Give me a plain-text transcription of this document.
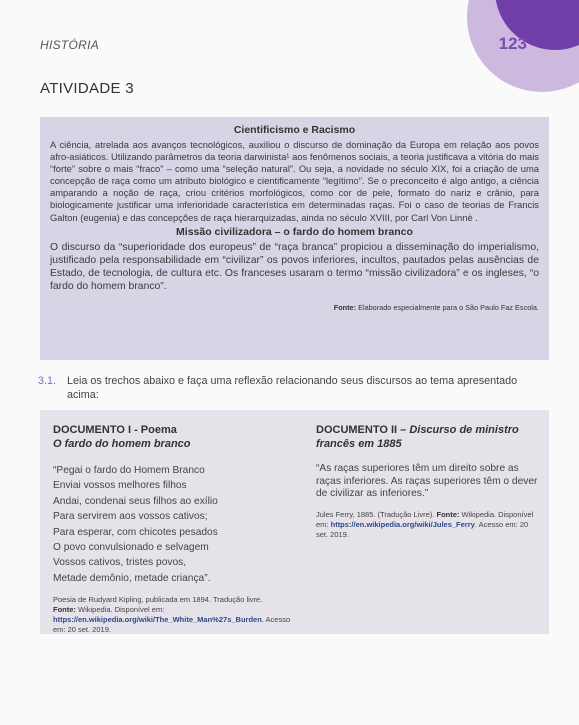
123
HISTÓRIA
ATIVIDADE 3
Cientificismo e Racismo

A ciência, atrelada aos avanços tecnológicos, auxiliou o discurso de dominação da Europa em relação aos povos afro-asiáticos. Utilizando parâmetros da teoria darwinista¹ aos fenômenos sociais, a teoria justificava a vitória do mais “forte” sobre o mais “fraco” – como uma “seleção natural”. Ou seja, a novidade no século XIX, foi a criação de uma concepção de raça como um atributo biológico e cientificamente “legítimo”. Se o preconceito é algo antigo, a ciência amparando a noção de raça, criou critérios morfológicos, como cor de pele, formato do nariz e crânio, para biologicamente justificar uma inferioridade característica em determinadas raças. Foi o caso de teorias de Francis Galton (eugenia) e das concepções de raça hierarquizadas, ainda no século XVIII, por Carl Von Linnè .

Missão civilizadora – o fardo do homem branco

O discurso da “superioridade dos europeus” de “raça branca” propiciou a disseminação do imperialismo, justificado pela responsabilidade em “civilizar” os povos inferiores, incultos, pautados pelas ausências de Estado, de tecnologia, de cultura etc. Os franceses usaram o termo “missão civilizadora” e os ingleses, “o fardo do homem branco”.

Fonte: Elaborado especialmente para o São Paulo Faz Escola.
3.1.	Leia os trechos abaixo e faça uma reflexão relacionando seus discursos ao tema apresentado acima:
DOCUMENTO I - Poema
O fardo do homem branco
“Pegai o fardo do Homem Branco
Enviai vossos melhores filhos
Andai, condenai seus filhos ao exílio
Para servirem aos vossos cativos;
Para esperar, com chicotes pesados
O povo convulsionado e selvagem
Vossos cativos, tristes povos,
Metade demônio, metade criança”.
Poesia de Rudyard Kipling, publicada em 1894. Tradução livre.
Fonte: Wikipedia. Disponível em: https://en.wikipedia.org/wiki/The_White_Man%27s_Burden. Acesso em: 20 set. 2019.
DOCUMENTO II – Discurso de ministro francês em 1885
“As raças superiores têm um direito sobre as raças inferiores. As raças superiores têm o dever de civilizar as inferiores.”
Jules Ferry, 1885. (Tradução Livre). Fonte: Wikipedia. Disponível em: https://en.wikipedia.org/wiki/Jules_Ferry. Acesso em: 20 set. 2019.
